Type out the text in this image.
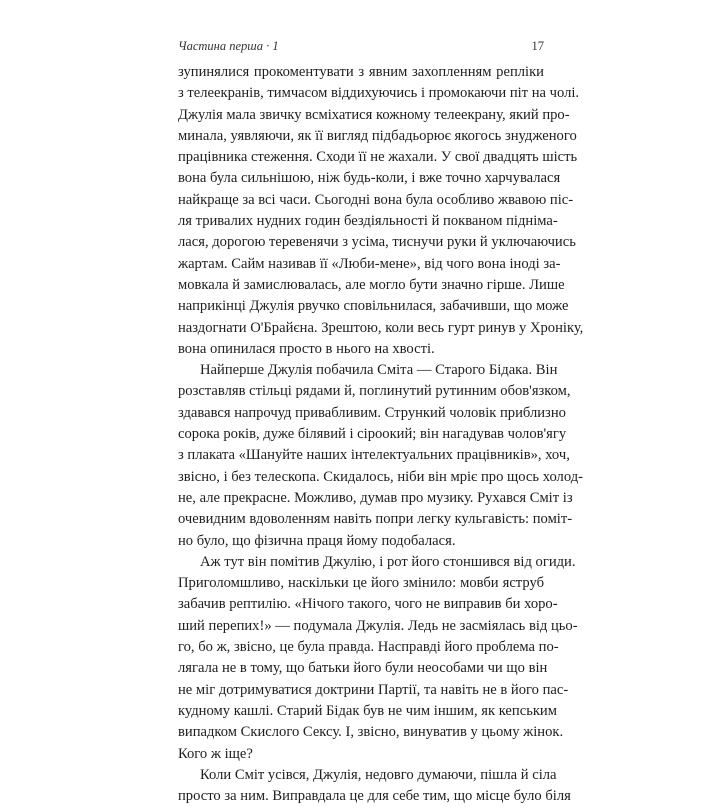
Частина перша · 1	17
зупинялися прокоментувати з явним захопленням репліки
з телеекранів, тимчасом віддихуючись і промокаючи піт на чолі.
Джулія мала звичку всміхатися кожному телеекрану, який про-
минала, уявляючи, як її вигляд підбадьорює якогось знудженого
працівника стеження. Сходи її не жахали. У свої двадцять шість
вона була сильнішою, ніж будь-коли, і вже точно харчувалася
найкраще за всі часи. Сьогодні вона була особливо жвавою піс-
ля тривалих нудних годин бездіяльності й покваном підніма-
лася, дорогою теревенячи з усіма, тиснучи руки й уключаючись
жартам. Сайм називав її «Люби-мене», від чого вона іноді за-
мовкала й замислювалась, але могло бути значно гірше. Лише
наприкінці Джулія рвучко сповільнилася, забачивши, що може
наздогнати О'Брайєна. Зрештою, коли весь гурт ринув у Хроніку,
вона опинилася просто в нього на хвості.
Найперше Джулія побачила Сміта — Старого Бідака. Він
розставляв стільці рядами й, поглинутий рутинним обов'язком,
здавався напрочуд привабливим. Стрункий чоловік приблизно
сорока років, дуже білявий і сіроокий; він нагадував чолов'ягу
з плаката «Шануйте наших інтелектуальних працівників», хоч,
звісно, і без телескопа. Скидалось, ніби він мріє про щось холод-
не, але прекрасне. Можливо, думав про музику. Рухався Сміт із
очевидним вдоволенням навіть попри легку кульгавість: поміт-
но було, що фізична праця йому подобалася.
Аж тут він помітив Джулію, і рот його стоншився від огиди.
Приголомшливо, наскільки це його змінило: мовби яструб
забачив рептилію. «Нічого такого, чого не виправив би хоро-
ший перепих!» — подумала Джулія. Ледь не засміялась від цьо-
го, бо ж, звісно, це була правда. Насправді його проблема по-
лягала не в тому, що батьки його були неособами чи що він
не міг дотримуватися доктрини Партії, та навіть не в його пас-
кудному кашлі. Старий Бідак був не чим іншим, як кепським
випадком Скислого Сексу. І, звісно, винуватив у цьому жінок.
Кого ж іще?
Коли Сміт усівся, Джулія, недовго думаючи, пішла й сіла
просто за ним. Виправдала це для себе тим, що місце було біля
